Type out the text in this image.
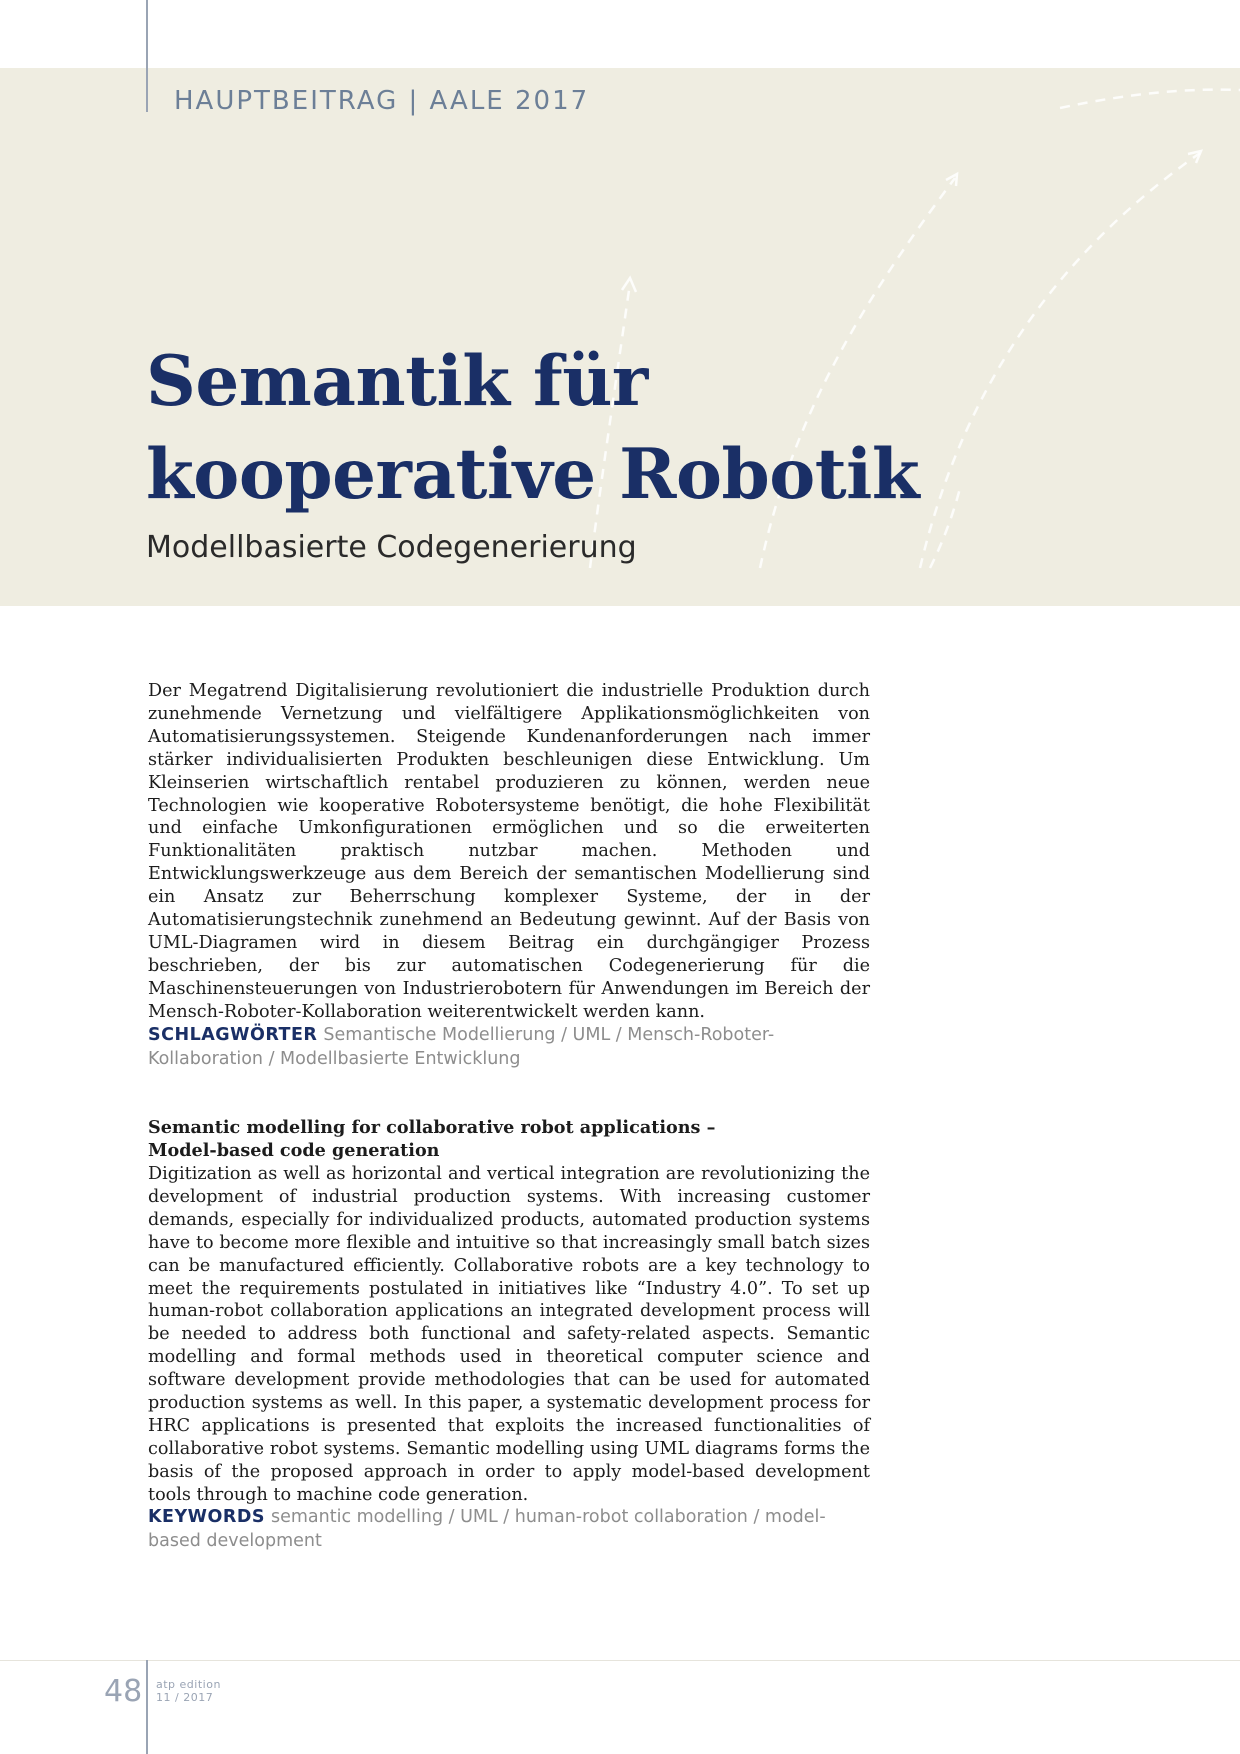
HAUPTBEITRAG | AALE 2017
Semantik für
kooperative Robotik
Modellbasierte Codegenerierung

Der Megatrend Digitalisierung revolutioniert die industrielle Produktion durch zunehmende Vernetzung und vielfältigere Applikationsmöglichkeiten von Automatisierungssystemen. Steigende Kundenanforderungen nach immer stärker individualisierten Produkten beschleunigen diese Entwicklung. Um Kleinserien wirtschaftlich rentabel produzieren zu können, werden neue Technologien wie kooperative Robotersysteme benötigt, die hohe Flexibilität und einfache Umkonfigurationen ermöglichen und so die erweiterten Funktionalitäten praktisch nutzbar machen. Methoden und Entwicklungswerkzeuge aus dem Bereich der semantischen Modellierung sind ein Ansatz zur Beherrschung komplexer Systeme, der in der Automatisierungstechnik zunehmend an Bedeutung gewinnt. Auf der Basis von UML-Diagramen wird in diesem Beitrag ein durchgängiger Prozess beschrieben, der bis zur automatischen Codegenerierung für die Maschinensteuerungen von Industrierobotern für Anwendungen im Bereich der Mensch-Roboter-Kollaboration weiterentwickelt werden kann.

SCHLAGWÖRTER Semantische Modellierung / UML / Mensch-Roboter-Kollaboration / Modellbasierte Entwicklung
Semantic modelling for collaborative robot applications –
Model-based code generation

Digitization as well as horizontal and vertical integration are revolutionizing the development of industrial production systems. With increasing customer demands, especially for individualized products, automated production systems have to become more flexible and intuitive so that increasingly small batch sizes can be manufactured efficiently. Collaborative robots are a key technology to meet the requirements postulated in initiatives like “Industry 4.0”. To set up human-robot collaboration applications an integrated development process will be needed to address both functional and safety-related aspects. Semantic modelling and formal methods used in theoretical computer science and software development provide methodologies that can be used for automated production systems as well. In this paper, a systematic development process for HRC applications is presented that exploits the increased functionalities of collaborative robot systems. Semantic modelling using UML diagrams forms the basis of the proposed approach in order to apply model-based development tools through to machine code generation.

KEYWORDS semantic modelling / UML / human-robot collaboration / model-based development
48 atp edition
11 / 2017
